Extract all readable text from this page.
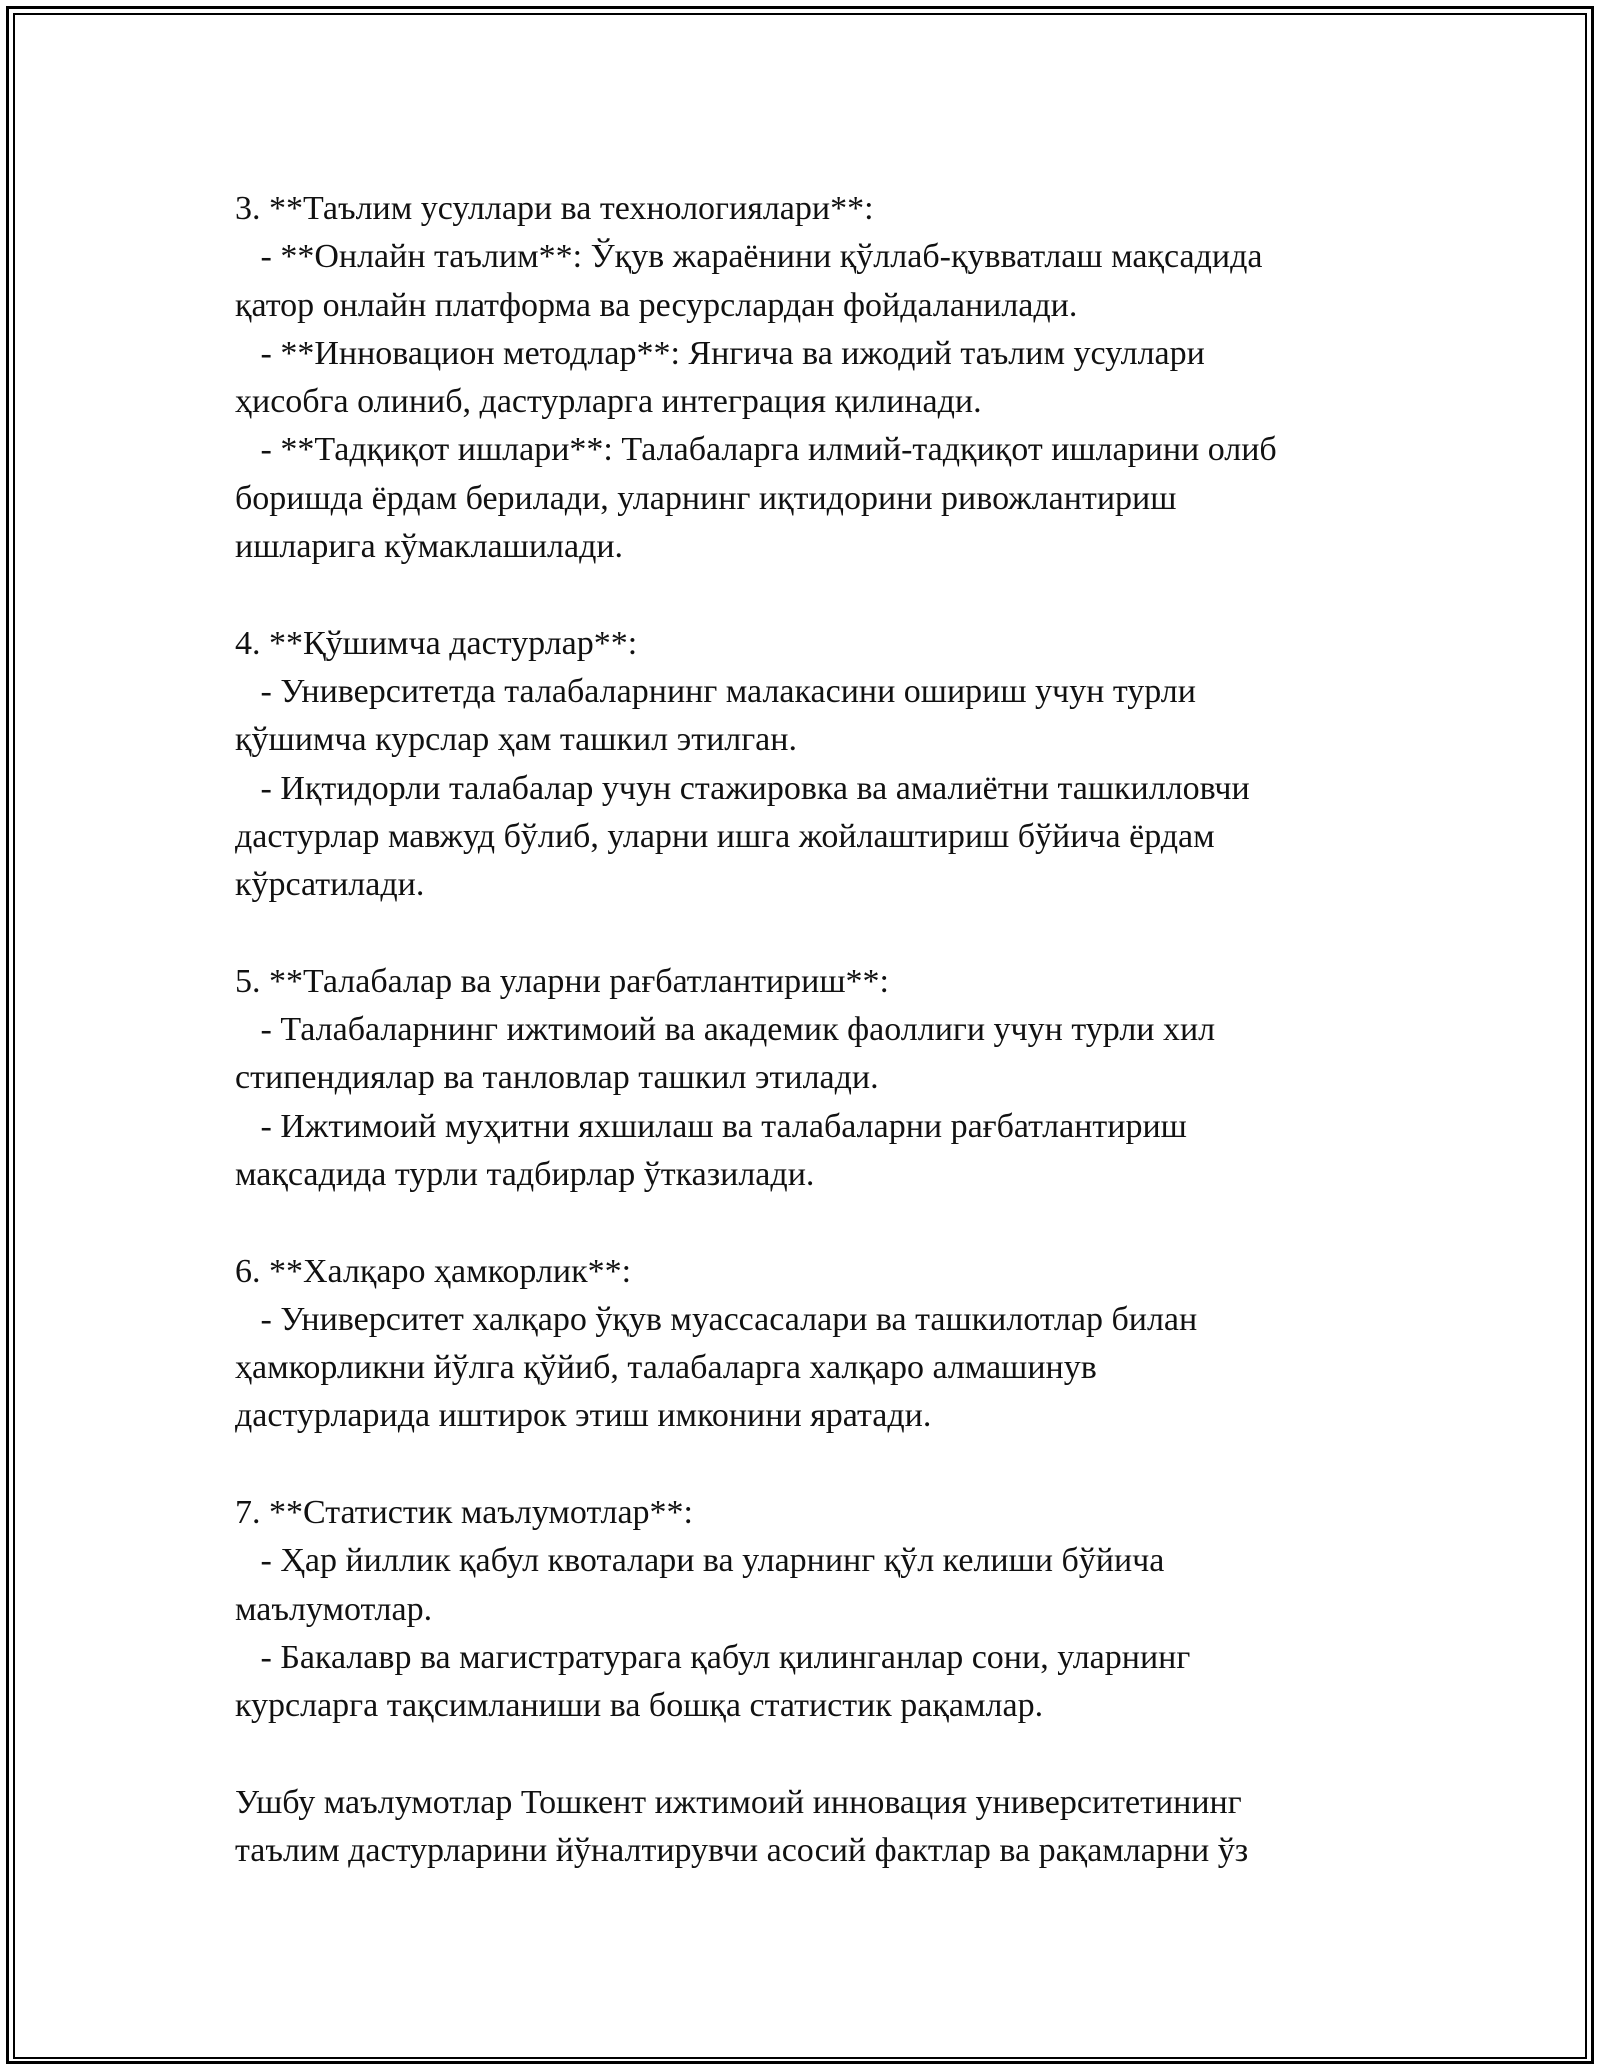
3. **Таълим усуллари ва технологиялари**:
- **Онлайн таълим**: Ўқув жараёнини қўллаб-қувватлаш мақсадида
қатор онлайн платформа ва ресурслардан фойдаланилади.
- **Инновацион методлар**: Янгича ва ижодий таълим усуллари
ҳисобга олиниб, дастурларга интеграция қилинади.
- **Тадқиқот ишлари**: Талабаларга илмий-тадқиқот ишларини олиб
боришда ёрдам берилади, уларнинг иқтидорини ривожлантириш
ишларига кўмаклашилади.
4. **Қўшимча дастурлар**:
- Университетда талабаларнинг малакасини ошириш учун турли
қўшимча курслар ҳам ташкил этилган.
- Иқтидорли талабалар учун стажировка ва амалиётни ташкилловчи
дастурлар мавжуд бўлиб, уларни ишга жойлаштириш бўйича ёрдам
кўрсатилади.
5. **Талабалар ва уларни рағбатлантириш**:
- Талабаларнинг ижтимоий ва академик фаоллиги учун турли хил
стипендиялар ва танловлар ташкил этилади.
- Ижтимоий муҳитни яхшилаш ва талабаларни рағбатлантириш
мақсадида турли тадбирлар ўтказилади.
6. **Халқаро ҳамкорлик**:
- Университет халқаро ўқув муассасалари ва ташкилотлар билан
ҳамкорликни йўлга қўйиб, талабаларга халқаро алмашинув
дастурларида иштирок этиш имконини яратади.
7. **Статистик маълумотлар**:
- Ҳар йиллик қабул квоталари ва уларнинг қўл келиши бўйича
маълумотлар.
- Бакалавр ва магистратурага қабул қилинганлар сони, уларнинг
курсларга тақсимланиши ва бошқа статистик рақамлар.
Ушбу маълумотлар Тошкент ижтимоий инновация университетининг
таълим дастурларини йўналтирувчи асосий фактлар ва рақамларни ўз
